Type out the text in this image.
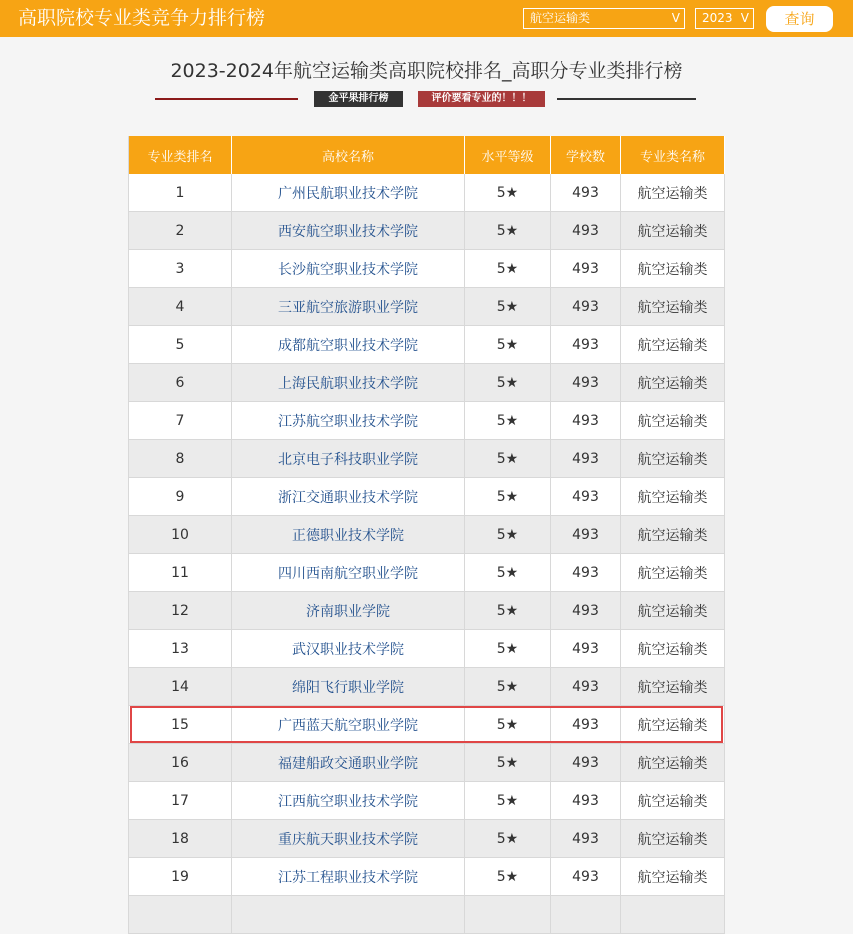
高职院校专业类竞争力排行榜	航空运输类	V	2023 V	查询
2023-2024年航空运输类高职院校排名_高职分专业类排行榜
金平果排行榜	评价要看专业的！！！
专业类排名	高校名称	水平等级	学校数	专业类名称
1	广州民航职业技术学院	5★	493	航空运输类
2	西安航空职业技术学院	5★	493	航空运输类
3	长沙航空职业技术学院	5★	493	航空运输类
4	三亚航空旅游职业学院	5★	493	航空运输类
5	成都航空职业技术学院	5★	493	航空运输类
6	上海民航职业技术学院	5★	493	航空运输类
7	江苏航空职业技术学院	5★	493	航空运输类
8	北京电子科技职业学院	5★	493	航空运输类
9	浙江交通职业技术学院	5★	493	航空运输类
10	正德职业技术学院	5★	493	航空运输类
11	四川西南航空职业学院	5★	493	航空运输类
12	济南职业学院	5★	493	航空运输类
13	武汉职业技术学院	5★	493	航空运输类
14	绵阳飞行职业学院	5★	493	航空运输类
15	广西蓝天航空职业学院	5★	493	航空运输类
16	福建船政交通职业学院	5★	493	航空运输类
17	江西航空职业技术学院	5★	493	航空运输类
18	重庆航天职业技术学院	5★	493	航空运输类
19	江苏工程职业技术学院	5★	493	航空运输类
